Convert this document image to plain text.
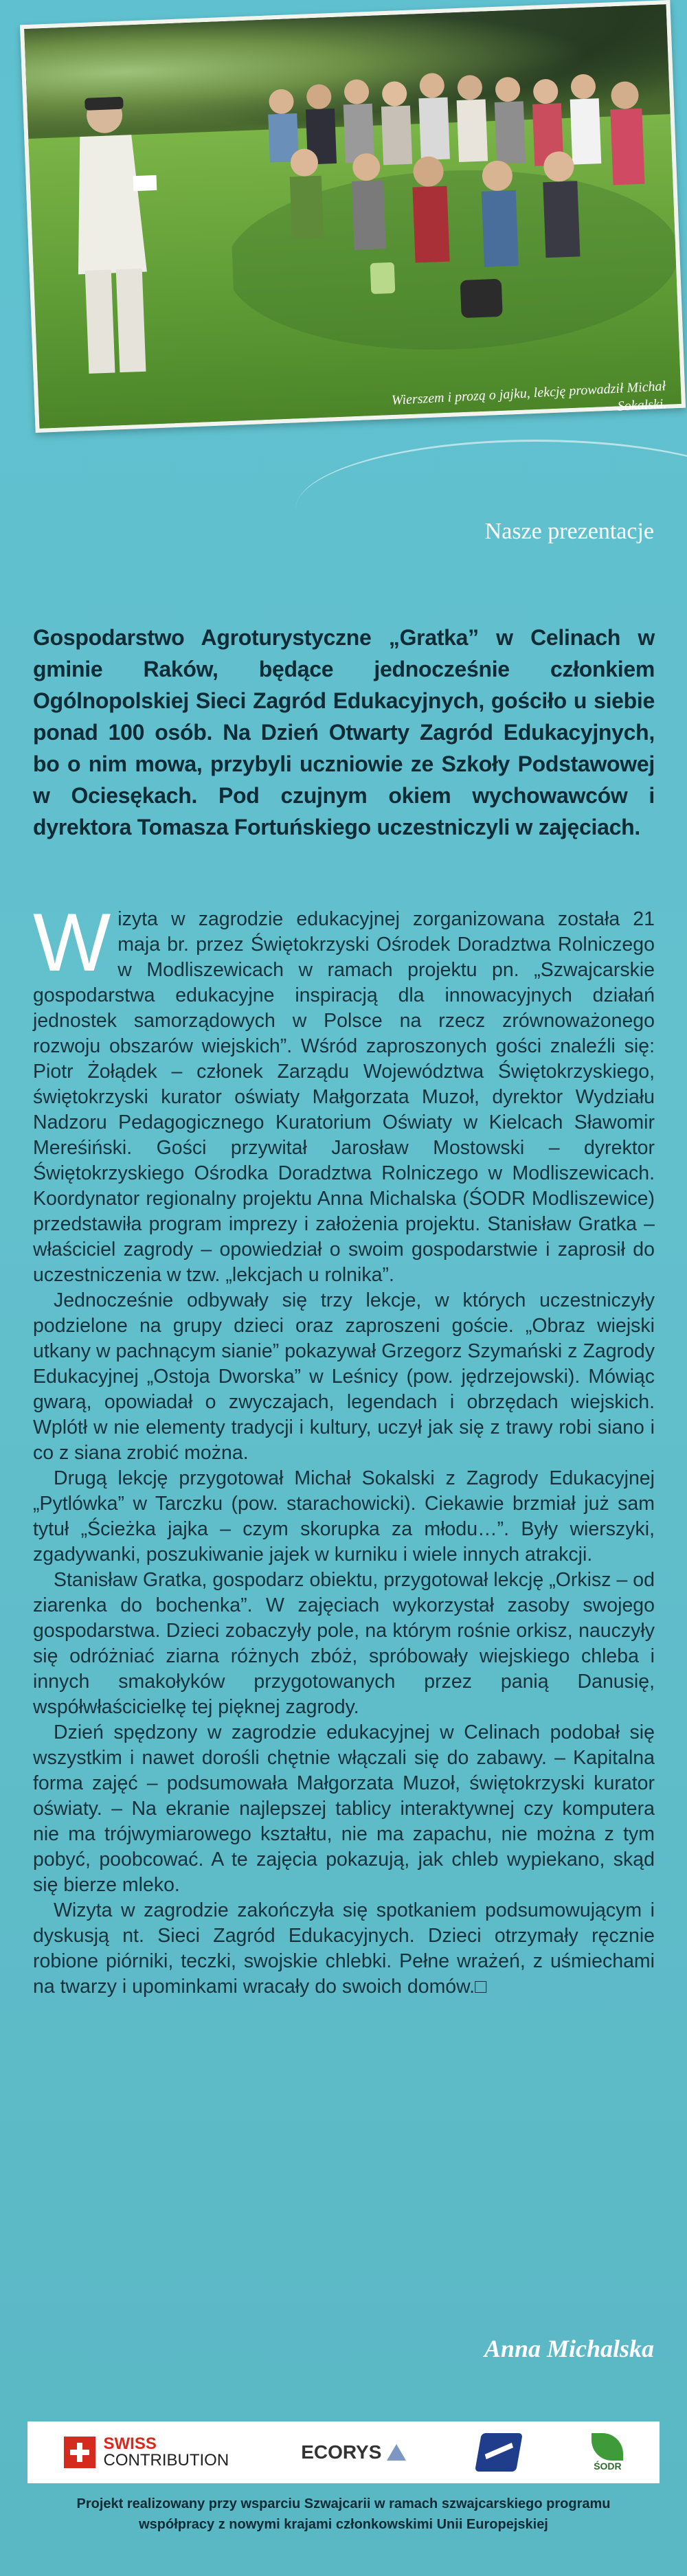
Wierszem i prozą o jajku, lekcję prowadził Michał Sokalski.
Nasze prezentacje
Gospodarstwo Agroturystyczne „Gratka” w Celinach w gminie Raków, będące jednocześnie członkiem Ogólnopolskiej Sieci Zagród Edukacyjnych, gościło u siebie ponad 100 osób. Na Dzień Otwarty Zagród Edukacyjnych, bo o nim mowa, przybyli uczniowie ze Szkoły Podstawowej w Ociesękach. Pod czujnym okiem wychowawców i dyrektora Tomasza Fortuńskiego uczestniczyli w zajęciach.

Wizyta w zagrodzie edukacyjnej zorganizowana została 21 maja br. przez Świętokrzyski Ośrodek Doradztwa Rolniczego w Modliszewicach w ramach projektu pn. „Szwajcarskie gospodarstwa edukacyjne inspiracją dla innowacyjnych działań jednostek samorządowych w Polsce na rzecz zrównoważonego rozwoju obszarów wiejskich”. Wśród zaproszonych gości znaleźli się: Piotr Żołądek – członek Zarządu Województwa Świętokrzyskiego, świętokrzyski kurator oświaty Małgorzata Muzoł, dyrektor Wydziału Nadzoru Pedagogicznego Kuratorium Oświaty w Kielcach Sławomir Mereśiński. Gości przywitał Jarosław Mostowski – dyrektor Świętokrzyskiego Ośrodka Doradztwa Rolniczego w Modliszewicach. Koordynator regionalny projektu Anna Michalska (ŚODR Modliszewice) przedstawiła program imprezy i założenia projektu. Stanisław Gratka – właściciel zagrody – opowiedział o swoim gospodarstwie i zaprosił do uczestniczenia w tzw. „lekcjach u rolnika”.

Jednocześnie odbywały się trzy lekcje, w których uczestniczyły podzielone na grupy dzieci oraz zaproszeni goście. „Obraz wiejski utkany w pachnącym sianie” pokazywał Grzegorz Szymański z Zagrody Edukacyjnej „Ostoja Dworska” w Leśnicy (pow. jędrzejowski). Mówiąc gwarą, opowiadał o zwyczajach, legendach i obrzędach wiejskich. Wplótł w nie elementy tradycji i kultury, uczył jak się z trawy robi siano i co z siana zrobić można.

Drugą lekcję przygotował Michał Sokalski z Zagrody Edukacyjnej „Pytlówka” w Tarczku (pow. starachowicki). Ciekawie brzmiał już sam tytuł „Ścieżka jajka – czym skorupka za młodu…”. Były wierszyki, zgadywanki, poszukiwanie jajek w kurniku i wiele innych atrakcji.

Stanisław Gratka, gospodarz obiektu, przygotował lekcję „Orkisz – od ziarenka do bochenka”. W zajęciach wykorzystał zasoby swojego gospodarstwa. Dzieci zobaczyły pole, na którym rośnie orkisz, nauczyły się odróżniać ziarna różnych zbóż, spróbowały wiejskiego chleba i innych smakołyków przygotowanych przez panią Danusię, współwłaścicielkę tej pięknej zagrody.

Dzień spędzony w zagrodzie edukacyjnej w Celinach podobał się wszystkim i nawet dorośli chętnie włączali się do zabawy. – Kapitalna forma zajęć – podsumowała Małgorzata Muzoł, świętokrzyski kurator oświaty. – Na ekranie najlepszej tablicy interaktywnej czy komputera nie ma trójwymiarowego kształtu, nie ma zapachu, nie można z tym pobyć, poobcować. A te zajęcia pokazują, jak chleb wypiekano, skąd się bierze mleko.

Wizyta w zagrodzie zakończyła się spotkaniem podsumowującym i dyskusją nt. Sieci Zagród Edukacyjnych. Dzieci otrzymały ręcznie robione piórniki, teczki, swojskie chlebki. Pełne wrażeń, z uśmiechami na twarzy i upominkami wracały do swoich domów.□

Anna Michalska
SWISS
CONTRIBUTION	ECORYS
ŚODR
Projekt realizowany przy wsparciu Szwajcarii w ramach szwajcarskiego programu współpracy z nowymi krajami członkowskimi Unii Europejskiej
